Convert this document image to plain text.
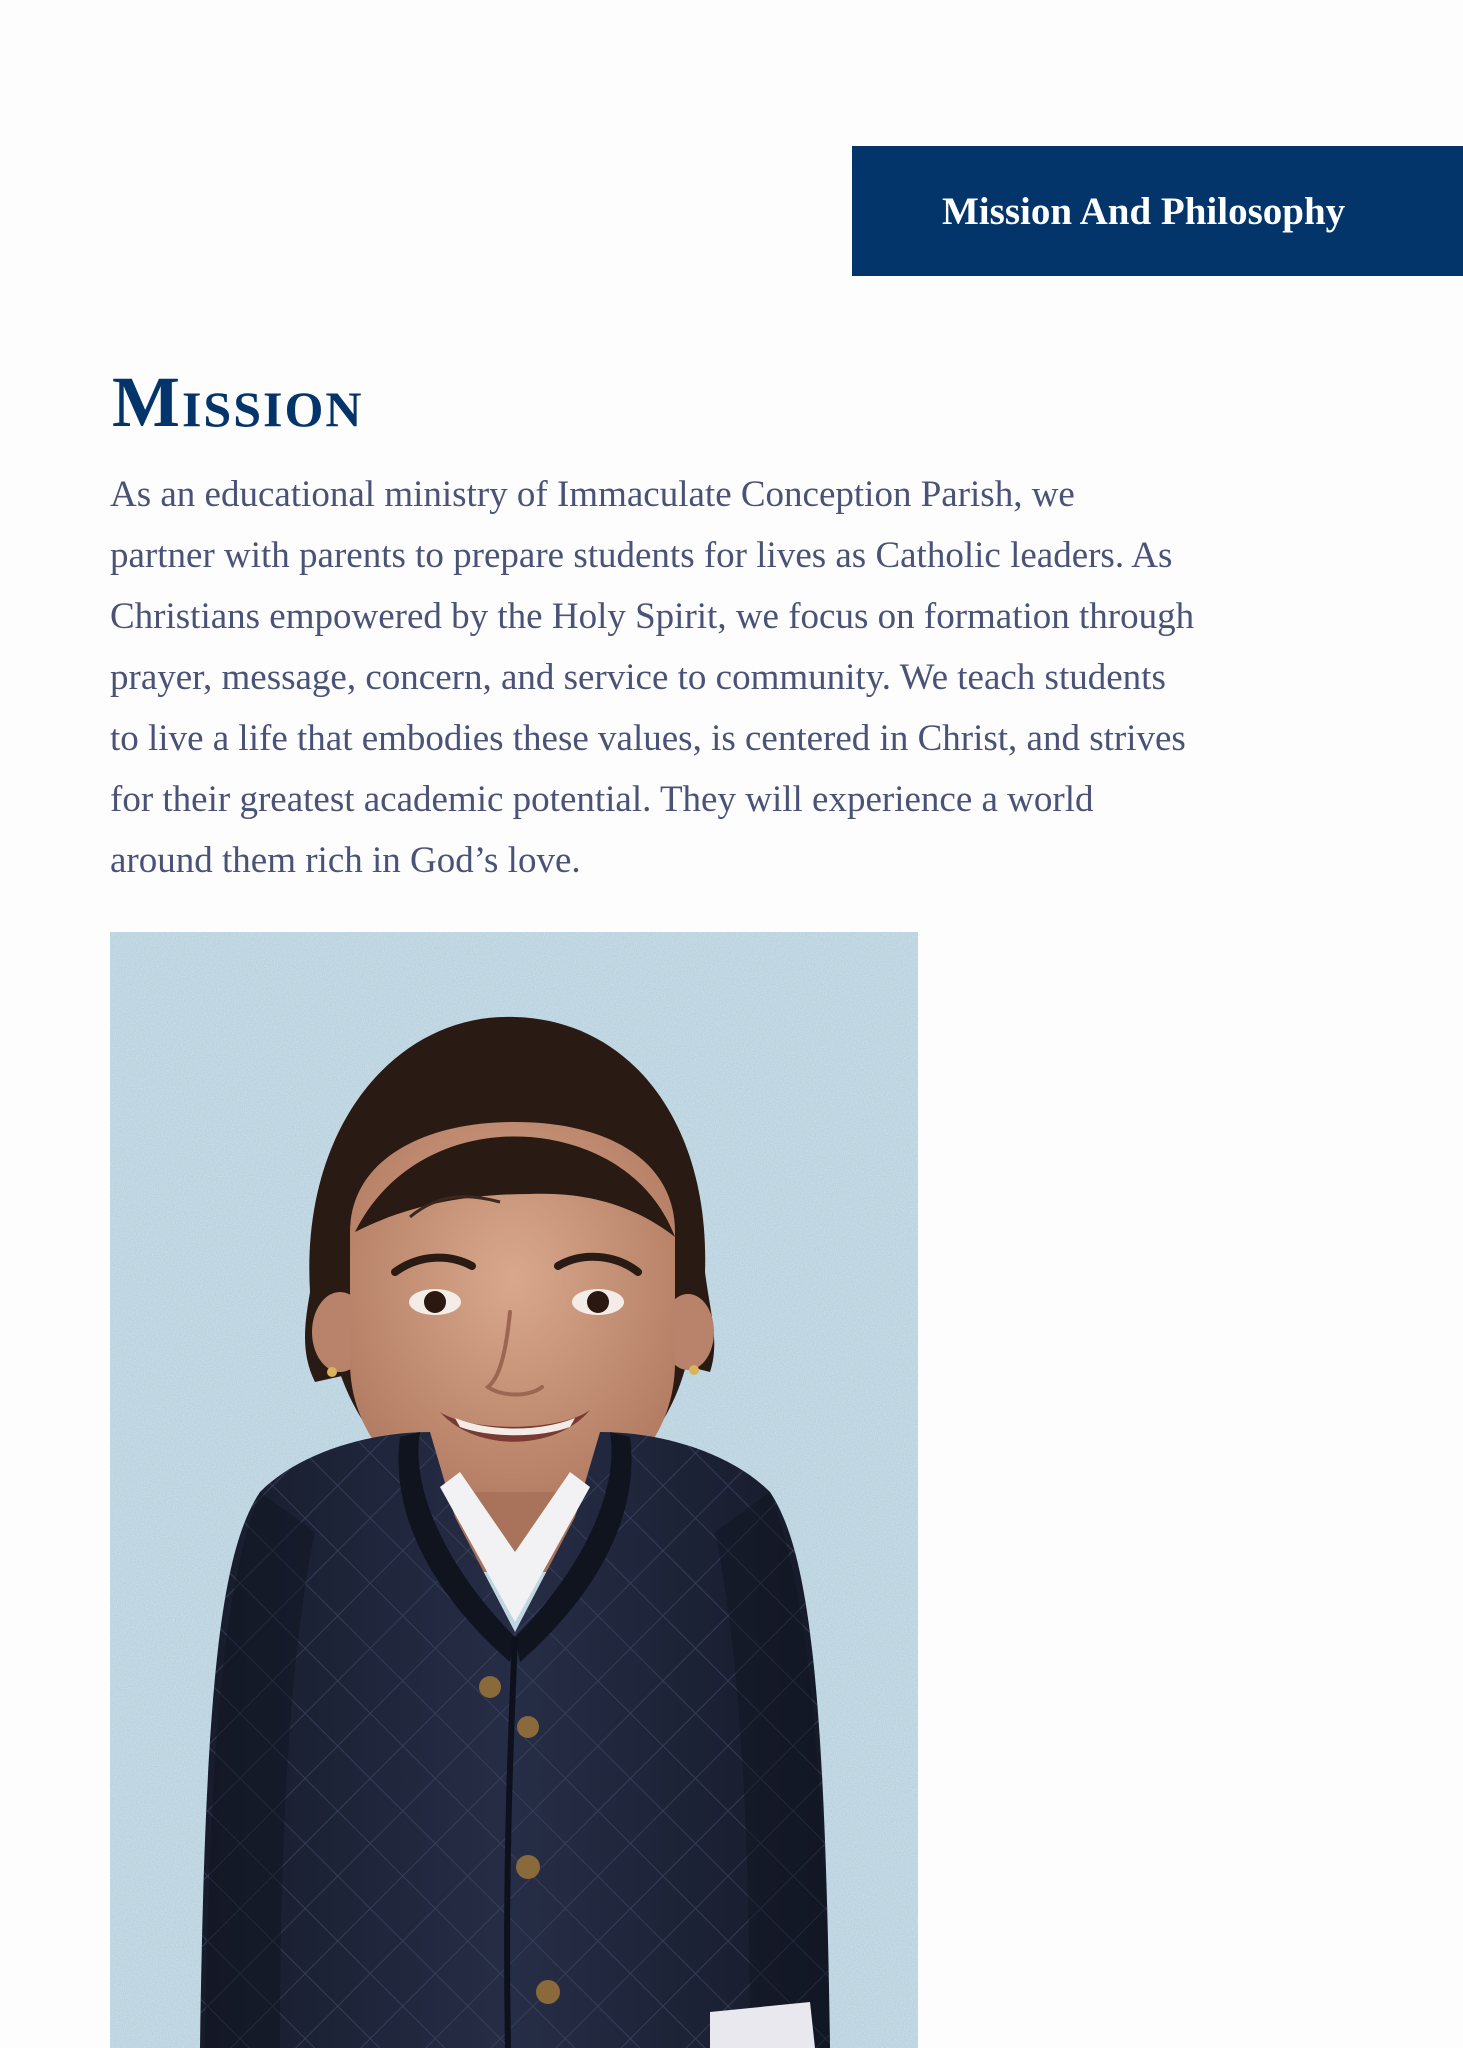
Mission And Philosophy
Mission

As an educational ministry of Immaculate Conception Parish, we
partner with parents to prepare students for lives as Catholic leaders. As
Christians empowered by the Holy Spirit, we focus on formation through
prayer, message, concern, and service to community. We teach students
to live a life that embodies these values, is centered in Christ, and strives
for their greatest academic potential. They will experience a world
around them rich in God’s love.
